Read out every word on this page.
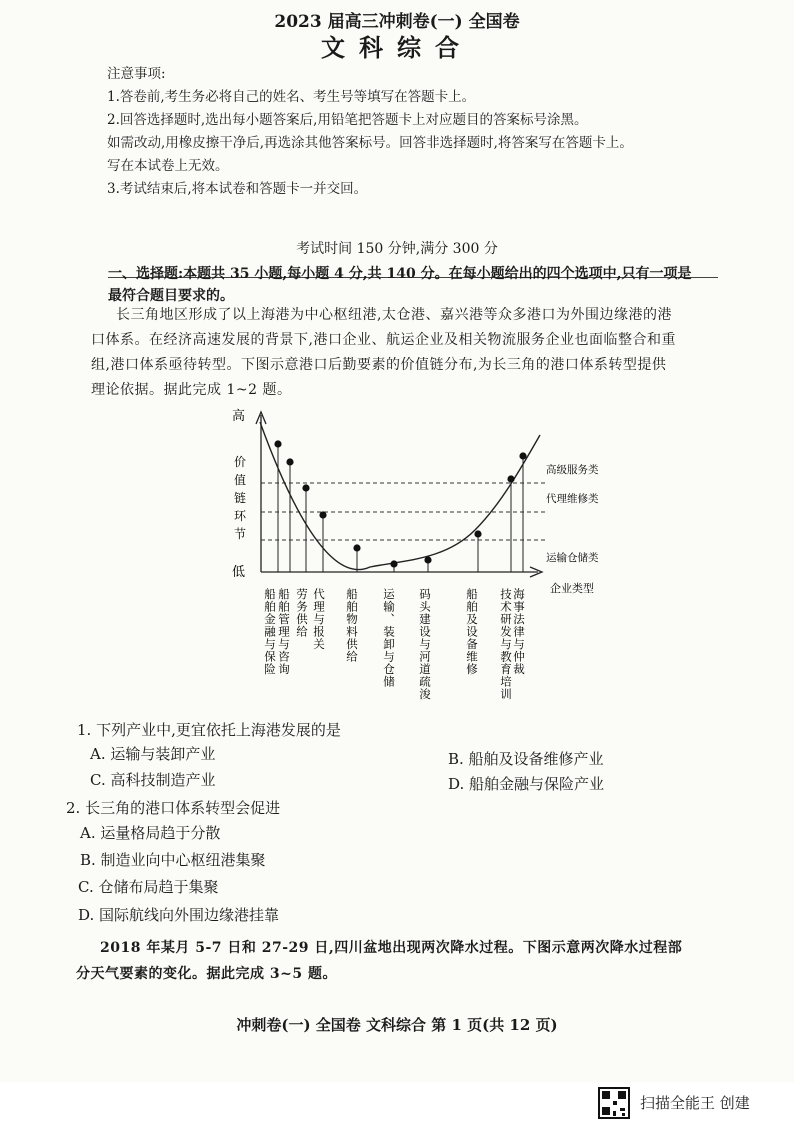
2023 届高三冲刺卷(一) 全国卷
文科综合
注意事项:
1.答卷前,考生务必将自己的姓名、考生号等填写在答题卡上。
2.回答选择题时,选出每小题答案后,用铅笔把答题卡上对应题目的答案标号涂黑。
如需改动,用橡皮擦干净后,再选涂其他答案标号。回答非选择题时,将答案写在答题卡上。
写在本试卷上无效。
3.考试结束后,将本试卷和答题卡一并交回。
考试时间 150 分钟,满分 300 分
一、选择题:本题共 35 小题,每小题 4 分,共 140 分。在每小题给出的四个选项中,只有一项是
最符合题目要求的。
长三角地区形成了以上海港为中心枢纽港,太仓港、嘉兴港等众多港口为外围边缘港的港
口体系。在经济高速发展的背景下,港口企业、航运企业及相关物流服务企业也面临整合和重
组,港口体系亟待转型。下图示意港口后勤要素的价值链分布,为长三角的港口体系转型提供
理论依据。据此完成 1~2 题。
高
低
价
值
链
环
节
高级服务类
代理维修类
运输仓储类
船舶金融与保险 船舶管理与咨询 劳务供给 代理与报关 船舶物料供给 运输、装卸与仓储 码头建设与河道疏浚	船舶及设备维修 技术研发与教育培训 海事法律与仲裁 企业类型
1. 下列产业中,更宜依托上海港发展的是
A. 运输与装卸产业	B. 船舶及设备维修产业
C. 高科技制造产业	D. 船舶金融与保险产业
2. 长三角的港口体系转型会促进
A. 运量格局趋于分散
B. 制造业向中心枢纽港集聚
C. 仓储布局趋于集聚
D. 国际航线向外围边缘港挂靠
2018 年某月 5-7 日和 27-29 日,四川盆地出现两次降水过程。下图示意两次降水过程部
分天气要素的变化。据此完成 3~5 题。
冲刺卷(一) 全国卷 文科综合 第 1 页(共 12 页)
扫描全能王 创建
